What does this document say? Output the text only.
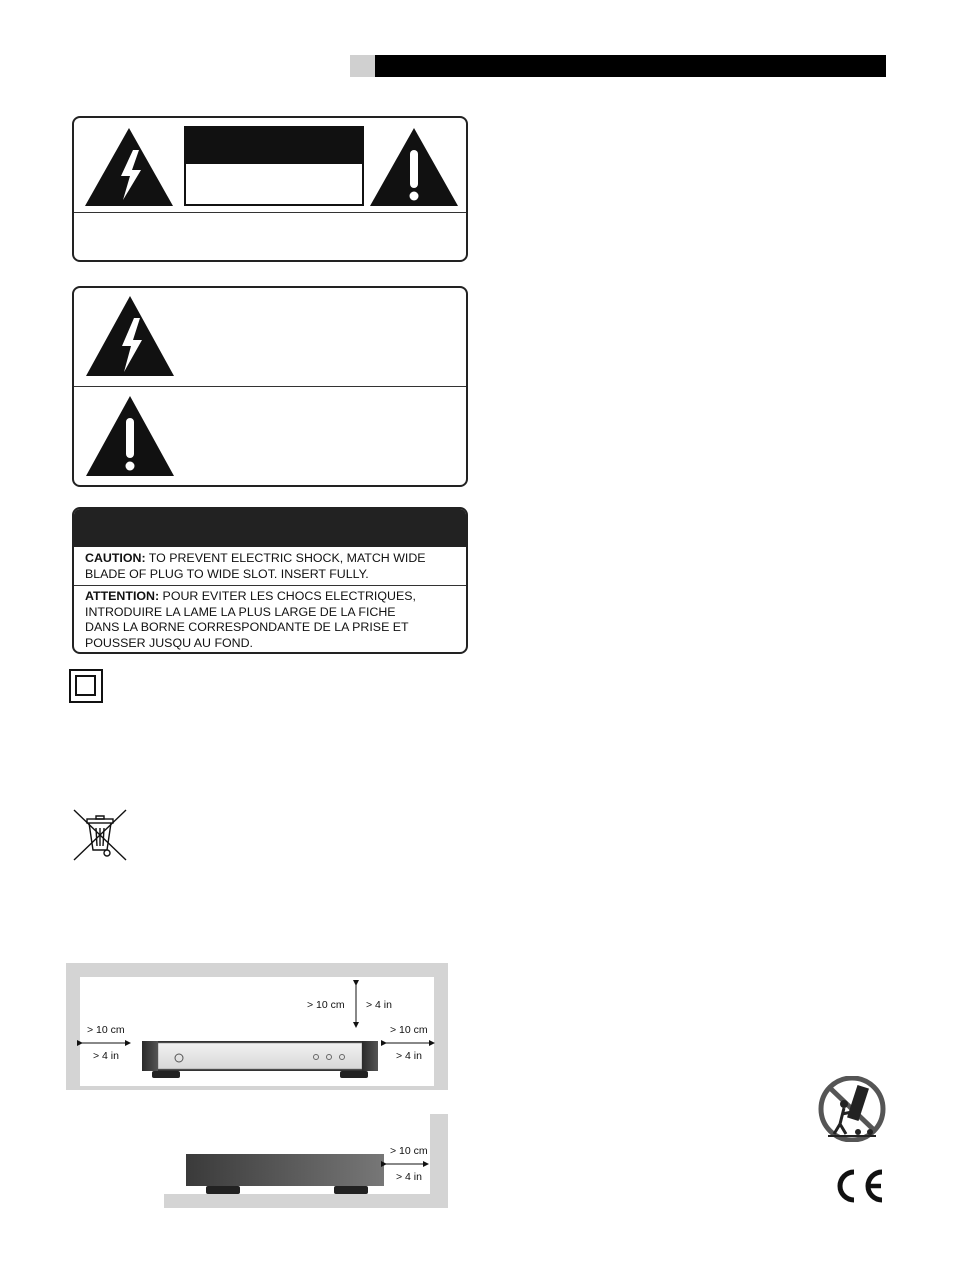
CAUTION: TO PREVENT ELECTRIC SHOCK, MATCH WIDE BLADE OF PLUG TO WIDE SLOT. INSERT FULLY.
ATTENTION: POUR EVITER LES CHOCS ELECTRIQUES,
INTRODUIRE LA LAME LA PLUS LARGE DE LA FICHE
DANS LA BORNE CORRESPONDANTE DE LA PRISE ET
POUSSER JUSQU AU FOND.
> 10 cm > 4 in
> 10 cm
> 4 in
> 10 cm
> 4 in
> 10 cm
> 4 in
